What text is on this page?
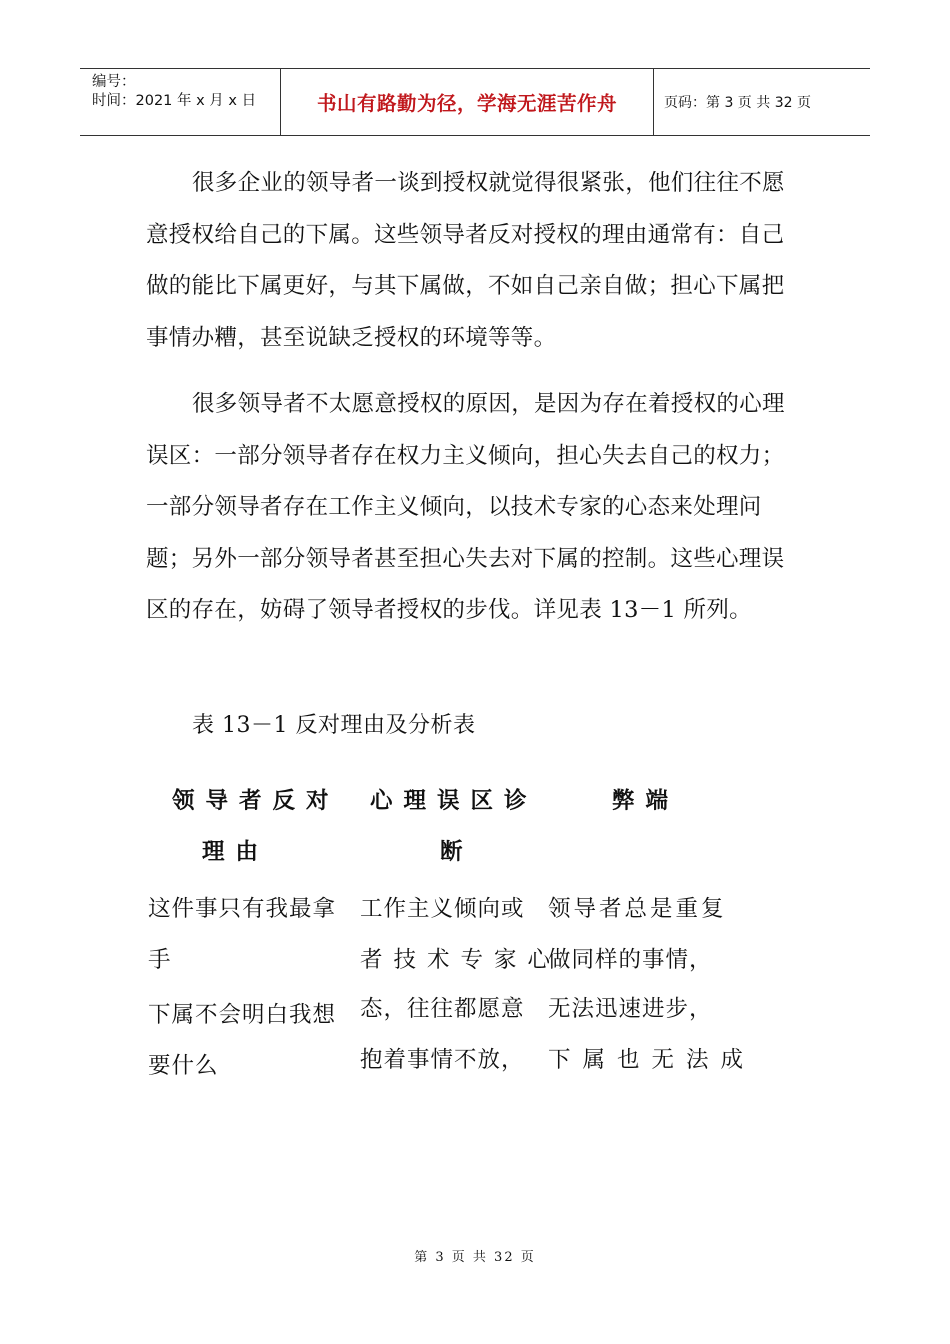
编号：
时间：2021 年 x 月 x 日	书山有路勤为径，学海无涯苦作舟	页码：第 3 页 共 32 页

很多企业的领导者一谈到授权就觉得很紧张，他们往往不愿意授权给自己的下属。这些领导者反对授权的理由通常有：自己做的能比下属更好，与其下属做，不如自己亲自做；担心下属把事情办糟，甚至说缺乏授权的环境等等。

很多领导者不太愿意授权的原因，是因为存在着授权的心理误区：一部分领导者存在权力主义倾向，担心失去自己的权力；一部分领导者存在工作主义倾向，以技术专家的心态来处理问题；另外一部分领导者甚至担心失去对下属的控制。这些心理误区的存在，妨碍了领导者授权的步伐。详见表 13－1 所列。

表 13－1 反对理由及分析表
领导者反对
理由
心理误区诊
断
弊端
这件事只有我最拿
手
下属不会明白我想
要什么
工作主义倾向或
者技术专家心
态，往往都愿意
抱着事情不放，
领导者总是重复
做同样的事情，
无法迅速进步，
下属也无法成
第 3 页 共 32 页
